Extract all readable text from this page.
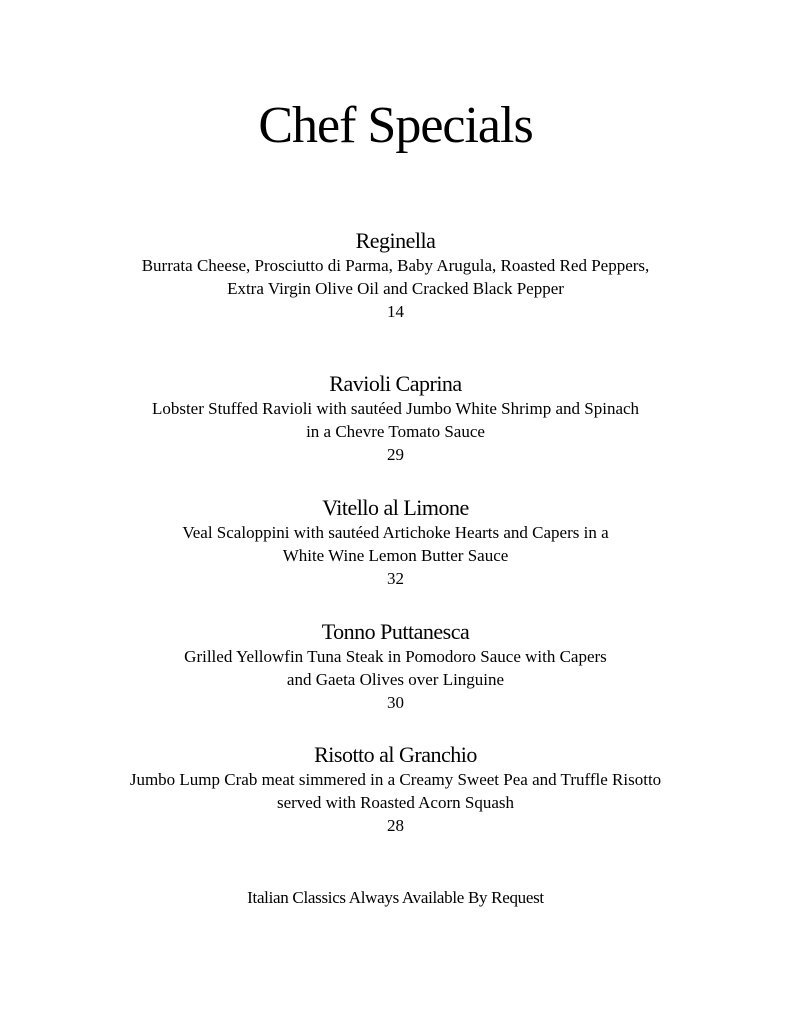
Chef Specials
Reginella
Burrata Cheese, Prosciutto di Parma, Baby Arugula, Roasted Red Peppers,
Extra Virgin Olive Oil and Cracked Black Pepper
14
Ravioli Caprina
Lobster Stuffed Ravioli with sautéed Jumbo White Shrimp and Spinach
in a Chevre Tomato Sauce
29
Vitello al Limone
Veal Scaloppini with sautéed Artichoke Hearts and Capers in a
White Wine Lemon Butter Sauce
32
Tonno Puttanesca
Grilled Yellowfin Tuna Steak in Pomodoro Sauce with Capers
and Gaeta Olives over Linguine
30
Risotto al Granchio
Jumbo Lump Crab meat simmered in a Creamy Sweet Pea and Truffle Risotto
served with Roasted Acorn Squash
28
Italian Classics Always Available By Request
